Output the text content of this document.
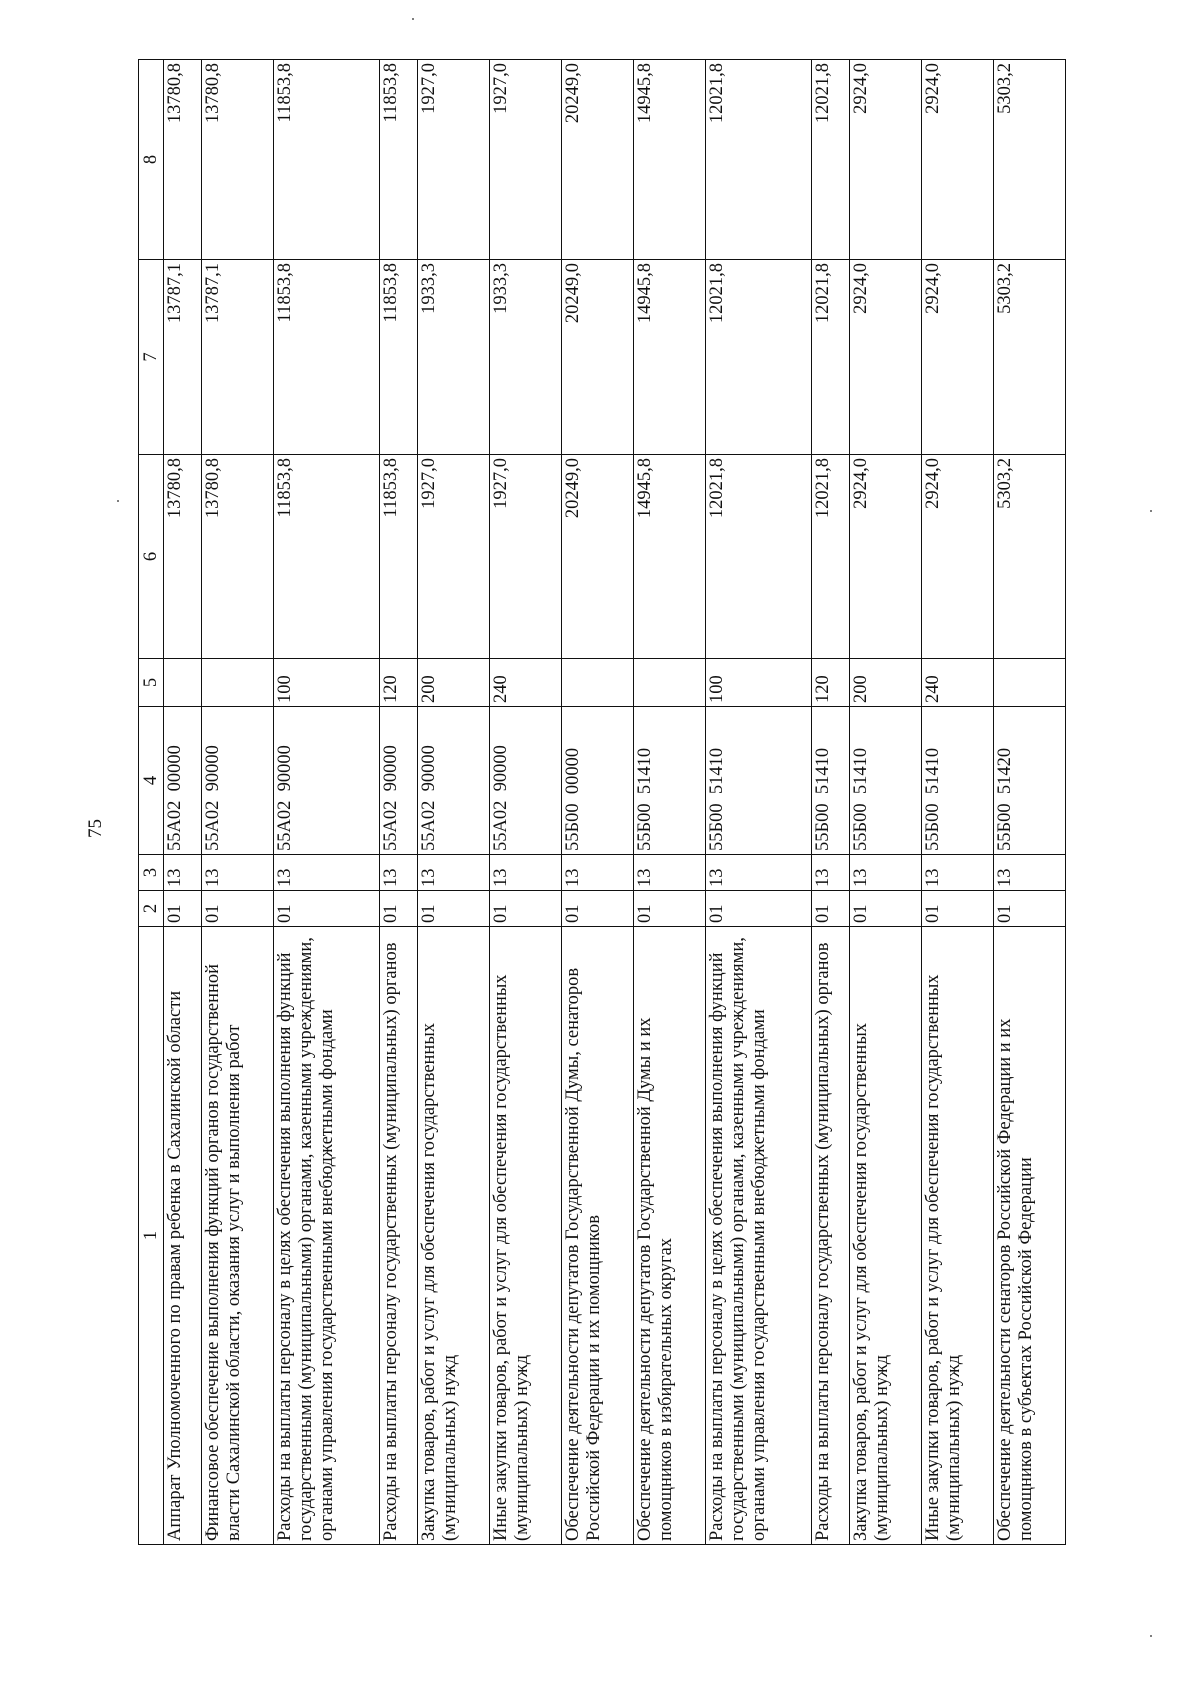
75
1	2	3	4	5	6	7	8
Аппарат Уполномоченного по правам ребенка в Сахалинской области	01	13	55А02  00000		13780,8	13787,1	13780,8
Финансовое обеспечение выполнения функций органов государственной власти Сахалинской области, оказания услуг и выполнения работ	01	13	55А02  90000		13780,8	13787,1	13780,8
Расходы на выплаты персоналу в целях обеспечения выполнения функций государственными (муниципальными) органами, казенными учреждениями, органами управления государственными внебюджетными фондами	01	13	55А02  90000	100	11853,8	11853,8	11853,8
Расходы на выплаты персоналу государственных (муниципальных) органов	01	13	55А02  90000	120	11853,8	11853,8	11853,8
Закупка товаров, работ и услуг для обеспечения государственных (муниципальных) нужд	01	13	55А02  90000	200	1927,0	1933,3	1927,0
Иные закупки товаров, работ и услуг для обеспечения государственных (муниципальных) нужд	01	13	55А02  90000	240	1927,0	1933,3	1927,0
Обеспечение деятельности депутатов Государственной Думы, сенаторов Российской Федерации и их помощников	01	13	55Б00  00000		20249,0	20249,0	20249,0
Обеспечение деятельности депутатов Государственной Думы и их помощников в избирательных округах	01	13	55Б00  51410		14945,8	14945,8	14945,8
Расходы на выплаты персоналу в целях обеспечения выполнения функций государственными (муниципальными) органами, казенными учреждениями, органами управления государственными внебюджетными фондами	01	13	55Б00  51410	100	12021,8	12021,8	12021,8
Расходы на выплаты персоналу государственных (муниципальных) органов	01	13	55Б00  51410	120	12021,8	12021,8	12021,8
Закупка товаров, работ и услуг для обеспечения государственных (муниципальных) нужд	01	13	55Б00  51410	200	2924,0	2924,0	2924,0
Иные закупки товаров, работ и услуг для обеспечения государственных (муниципальных) нужд	01	13	55Б00  51410	240	2924,0	2924,0	2924,0
Обеспечение деятельности сенаторов Российской Федерации и их помощников в субъектах Российской Федерации	01	13	55Б00  51420		5303,2	5303,2	5303,2
